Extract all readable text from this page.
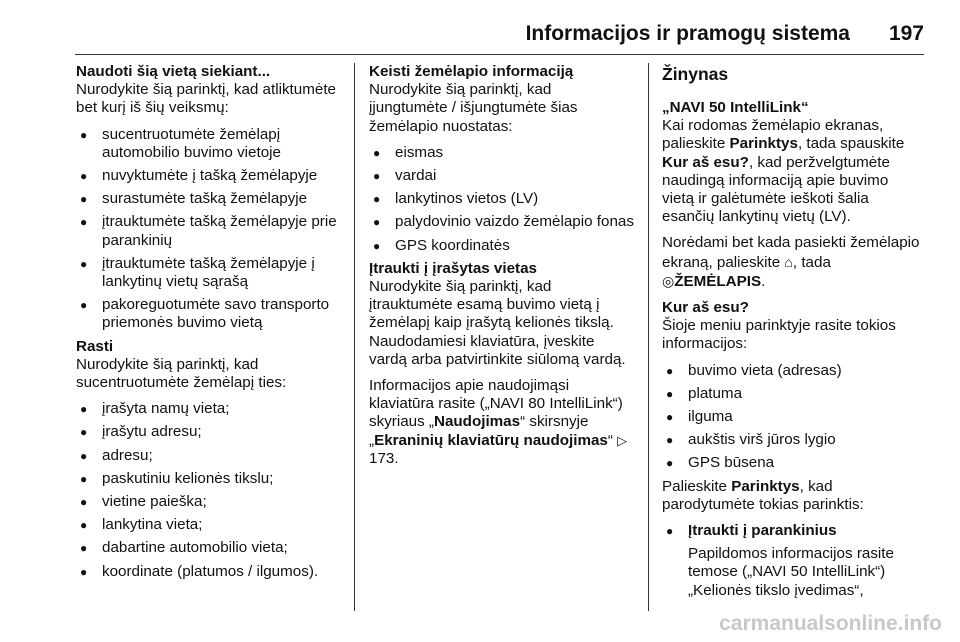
Informacijos ir pramogų sistema 197
Naudoti šią vietą siekiant...

Nurodykite šią parinktį, kad atliktumėte bet kurį iš šių veiksmų:

● sucentruotumėte žemėlapį automobilio buvimo vietoje
● nuvyktumėte į tašką žemėlapyje
● surastumėte tašką žemėlapyje
● įtrauktumėte tašką žemėlapyje prie parankinių
● įtrauktumėte tašką žemėlapyje į lankytinų vietų sąrašą
● pakoreguotumėte savo transporto priemonės buvimo vietą
Rasti

Nurodykite šią parinktį, kad sucentruotumėte žemėlapį ties:

● įrašyta namų vieta;
● įrašytu adresu;
● adresu;
● paskutiniu kelionės tikslu;
● vietine paieška;
● lankytina vieta;
● dabartine automobilio vieta;
● koordinate (platumos / ilgumos).
Keisti žemėlapio informaciją

Nurodykite šią parinktį, kad įjungtumėte / išjungtumėte šias žemėlapio nuostatas:

● eismas
● vardai
● lankytinos vietos (LV)
● palydovinio vaizdo žemėlapio fonas
● GPS koordinatės
Įtraukti į įrašytas vietas

Nurodykite šią parinktį, kad įtrauktumėte esamą buvimo vietą į žemėlapį kaip įrašytą kelionės tikslą. Naudodamiesi klaviatūra, įveskite vardą arba patvirtinkite siūlomą vardą.

Informacijos apie naudojimąsi klaviatūra rasite („NAVI 80 IntelliLink“) skyriaus „Naudojimas“ skirsnyje „Ekraninių klaviatūrų naudojimas“ ▷ 173.

Žinynas
„NAVI 50 IntelliLink“

Kai rodomas žemėlapio ekranas, palieskite Parinktys, tada spauskite Kur aš esu?, kad peržvelgtumėte naudingą informaciją apie buvimo vietą ir galėtumėte ieškoti šalia esančių lankytinų vietų (LV).

Norėdami bet kada pasiekti žemėlapio ekraną, palieskite ⌂, tada ◎ŽEMĖLAPIS.

Kur aš esu?

Šioje meniu parinktyje rasite tokios informacijos:

● buvimo vieta (adresas)
● platuma
● ilguma
● aukštis virš jūros lygio
● GPS būsena

Palieskite Parinktys, kad parodytumėte tokias parinktis:

● Įtraukti į parankinius
Papildomos informacijos rasite temose („NAVI 50 IntelliLink“) „Kelionės tikslo įvedimas“,
carmanualsonline.info
